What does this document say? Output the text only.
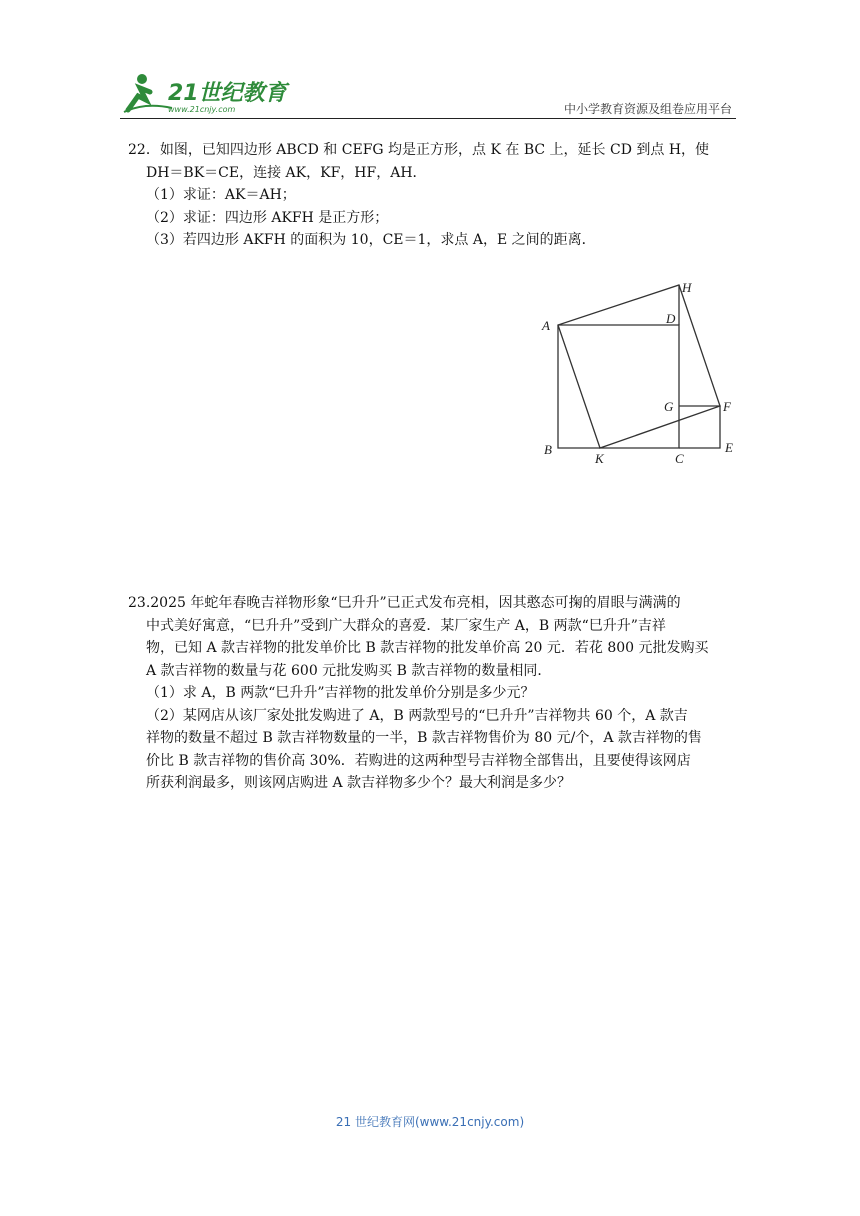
21世纪教育
www.21cnjy.com	中小学教育资源及组卷应用平台

22．如图，已知四边形 ABCD 和 CEFG 均是正方形，点 K 在 BC 上，延长 CD 到点 H，使

DH＝BK＝CE，连接 AK，KF，HF，AH．

（1）求证：AK＝AH；

（2）求证：四边形 AKFH 是正方形；

（3）若四边形 AKFH 的面积为 10，CE＝1，求点 A，E 之间的距离．

A
B
K	C
E
F
G
D
H

23.2025 年蛇年春晚吉祥物形象“巳升升”已正式发布亮相，因其憨态可掬的眉眼与满满的

中式美好寓意，“巳升升”受到广大群众的喜爱．某厂家生产 A，B 两款“巳升升”吉祥

物，已知 A 款吉祥物的批发单价比 B 款吉祥物的批发单价高 20 元．若花 800 元批发购买

A 款吉祥物的数量与花 600 元批发购买 B 款吉祥物的数量相同．

（1）求 A，B 两款“巳升升”吉祥物的批发单价分别是多少元？

（2）某网店从该厂家处批发购进了 A，B 两款型号的“巳升升”吉祥物共 60 个，A 款吉

祥物的数量不超过 B 款吉祥物数量的一半，B 款吉祥物售价为 80 元/个，A 款吉祥物的售

价比 B 款吉祥物的售价高 30%．若购进的这两种型号吉祥物全部售出，且要使得该网店

所获利润最多，则该网店购进 A 款吉祥物多少个？最大利润是多少？

21 世纪教育网(www.21cnjy.com)
